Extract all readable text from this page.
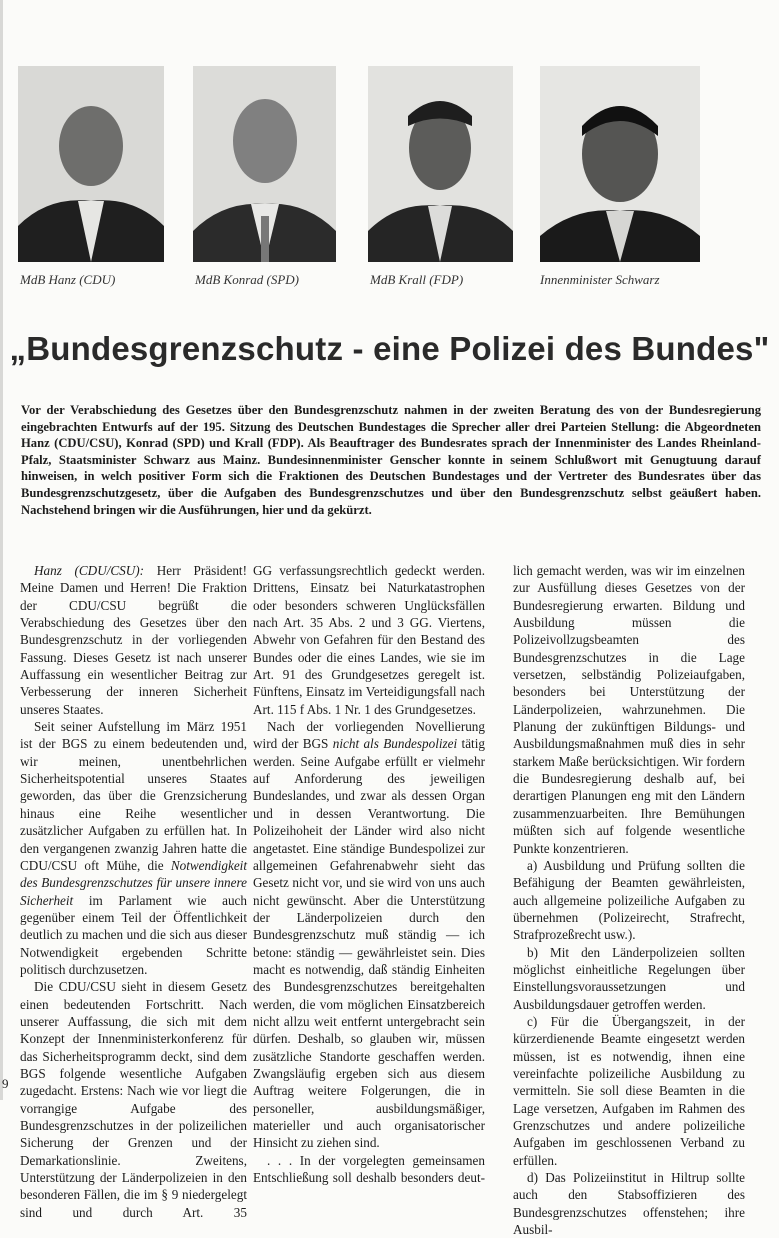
MdB Hanz (CDU)	MdB Konrad (SPD)	MdB Krall (FDP)	Innenminister Schwarz
„Bundesgrenzschutz - eine Polizei des Bundes"
Vor der Verabschiedung des Gesetzes über den Bundesgrenzschutz nahmen in der zweiten Beratung des von der Bundesregierung eingebrachten Entwurfs auf der 195. Sitzung des Deutschen Bundestages die Sprecher aller drei Parteien Stellung: die Abgeordneten Hanz (CDU/CSU), Konrad (SPD) und Krall (FDP). Als Beauftrager des Bundesrates sprach der Innenminister des Landes Rheinland-Pfalz, Staatsminister Schwarz aus Mainz. Bundesinnenminister Genscher konnte in seinem Schlußwort mit Genugtuung darauf hinweisen, in welch positiver Form sich die Fraktionen des Deutschen Bundestages und der Vertreter des Bundesrates über das Bundesgrenzschutzgesetz, über die Aufgaben des Bundesgrenzschutzes und über den Bundesgrenzschutz selbst geäußert haben. Nachstehend bringen wir die Ausführungen, hier und da gekürzt.

Hanz (CDU/CSU): Herr Präsident! Meine Damen und Herren! Die Fraktion der CDU/CSU begrüßt die Verabschiedung des Gesetzes über den Bundesgrenzschutz in der vorliegenden Fassung. Dieses Gesetz ist nach unserer Auffassung ein wesentlicher Beitrag zur Verbesserung der inneren Sicherheit unseres Staates.

Seit seiner Aufstellung im März 1951 ist der BGS zu einem bedeutenden und, wir meinen, unentbehrlichen Sicherheitspotential unseres Staates geworden, das über die Grenzsicherung hinaus eine Reihe wesentlicher zusätzlicher Aufgaben zu erfüllen hat. In den vergangenen zwanzig Jahren hatte die CDU/CSU oft Mühe, die Notwendigkeit des Bundesgrenzschutzes für unsere innere Sicherheit im Parlament wie auch gegenüber einem Teil der Öffentlichkeit deutlich zu machen und die sich aus dieser Notwendigkeit ergebenden Schritte politisch durchzusetzen.

Die CDU/CSU sieht in diesem Gesetz einen bedeutenden Fortschritt. Nach unserer Auffassung, die sich mit dem Konzept der Innenministerkonferenz für das Sicherheitsprogramm deckt, sind dem BGS folgende wesentliche Aufgaben zugedacht. Erstens: Nach wie vor liegt die vorrangige Aufgabe des Bundesgrenzschutzes in der polizeilichen Sicherung der Grenzen und der Demarkationslinie. Zweitens, Unterstützung der Länderpolizeien in den besonderen Fällen, die im § 9 niedergelegt sind und durch Art. 35

GG verfassungsrechtlich gedeckt werden. Drittens, Einsatz bei Naturkatastrophen oder besonders schweren Unglücksfällen nach Art. 35 Abs. 2 und 3 GG. Viertens, Abwehr von Gefahren für den Bestand des Bundes oder die eines Landes, wie sie im Art. 91 des Grundgesetzes geregelt ist. Fünftens, Einsatz im Verteidigungsfall nach Art. 115 f Abs. 1 Nr. 1 des Grundgesetzes.

Nach der vorliegenden Novellierung wird der BGS nicht als Bundespolizei tätig werden. Seine Aufgabe erfüllt er vielmehr auf Anforderung des jeweiligen Bundeslandes, und zwar als dessen Organ und in dessen Verantwortung. Die Polizeihoheit der Länder wird also nicht angetastet. Eine ständige Bundespolizei zur allgemeinen Gefahrenabwehr sieht das Gesetz nicht vor, und sie wird von uns auch nicht gewünscht. Aber die Unterstützung der Länderpolizeien durch den Bundesgrenzschutz muß ständig — ich betone: ständig — gewährleistet sein. Dies macht es notwendig, daß ständig Einheiten des Bundesgrenzschutzes bereitgehalten werden, die vom möglichen Einsatzbereich nicht allzu weit entfernt untergebracht sein dürfen. Deshalb, so glauben wir, müssen zusätzliche Standorte geschaffen werden. Zwangsläufig ergeben sich aus diesem Auftrag weitere Folgerungen, die in personeller, ausbildungsmäßiger, materieller und auch organisatorischer Hinsicht zu ziehen sind.

. . . In der vorgelegten gemeinsamen Entschließung soll deshalb besonders deut-

lich gemacht werden, was wir im einzelnen zur Ausfüllung dieses Gesetzes von der Bundesregierung erwarten. Bildung und Ausbildung müssen die Polizeivollzugsbeamten des Bundesgrenzschutzes in die Lage versetzen, selbständig Polizeiaufgaben, besonders bei Unterstützung der Länderpolizeien, wahrzunehmen. Die Planung der zukünftigen Bildungs- und Ausbildungsmaßnahmen muß dies in sehr starkem Maße berücksichtigen. Wir fordern die Bundesregierung deshalb auf, bei derartigen Planungen eng mit den Ländern zusammenzuarbeiten. Ihre Bemühungen müßten sich auf folgende wesentliche Punkte konzentrieren.

a) Ausbildung und Prüfung sollten die Befähigung der Beamten gewährleisten, auch allgemeine polizeiliche Aufgaben zu übernehmen (Polizeirecht, Strafrecht, Strafprozeßrecht usw.).

b) Mit den Länderpolizeien sollten möglichst einheitliche Regelungen über Einstellungsvoraussetzungen und Ausbildungsdauer getroffen werden.

c) Für die Übergangszeit, in der kürzerdienende Beamte eingesetzt werden müssen, ist es notwendig, ihnen eine vereinfachte polizeiliche Ausbildung zu vermitteln. Sie soll diese Beamten in die Lage versetzen, Aufgaben im Rahmen des Grenzschutzes und andere polizeiliche Aufgaben im geschlossenen Verband zu erfüllen.

d) Das Polizeiinstitut in Hiltrup sollte auch den Stabsoffizieren des Bundesgrenzschutzes offenstehen; ihre Ausbil-

9
